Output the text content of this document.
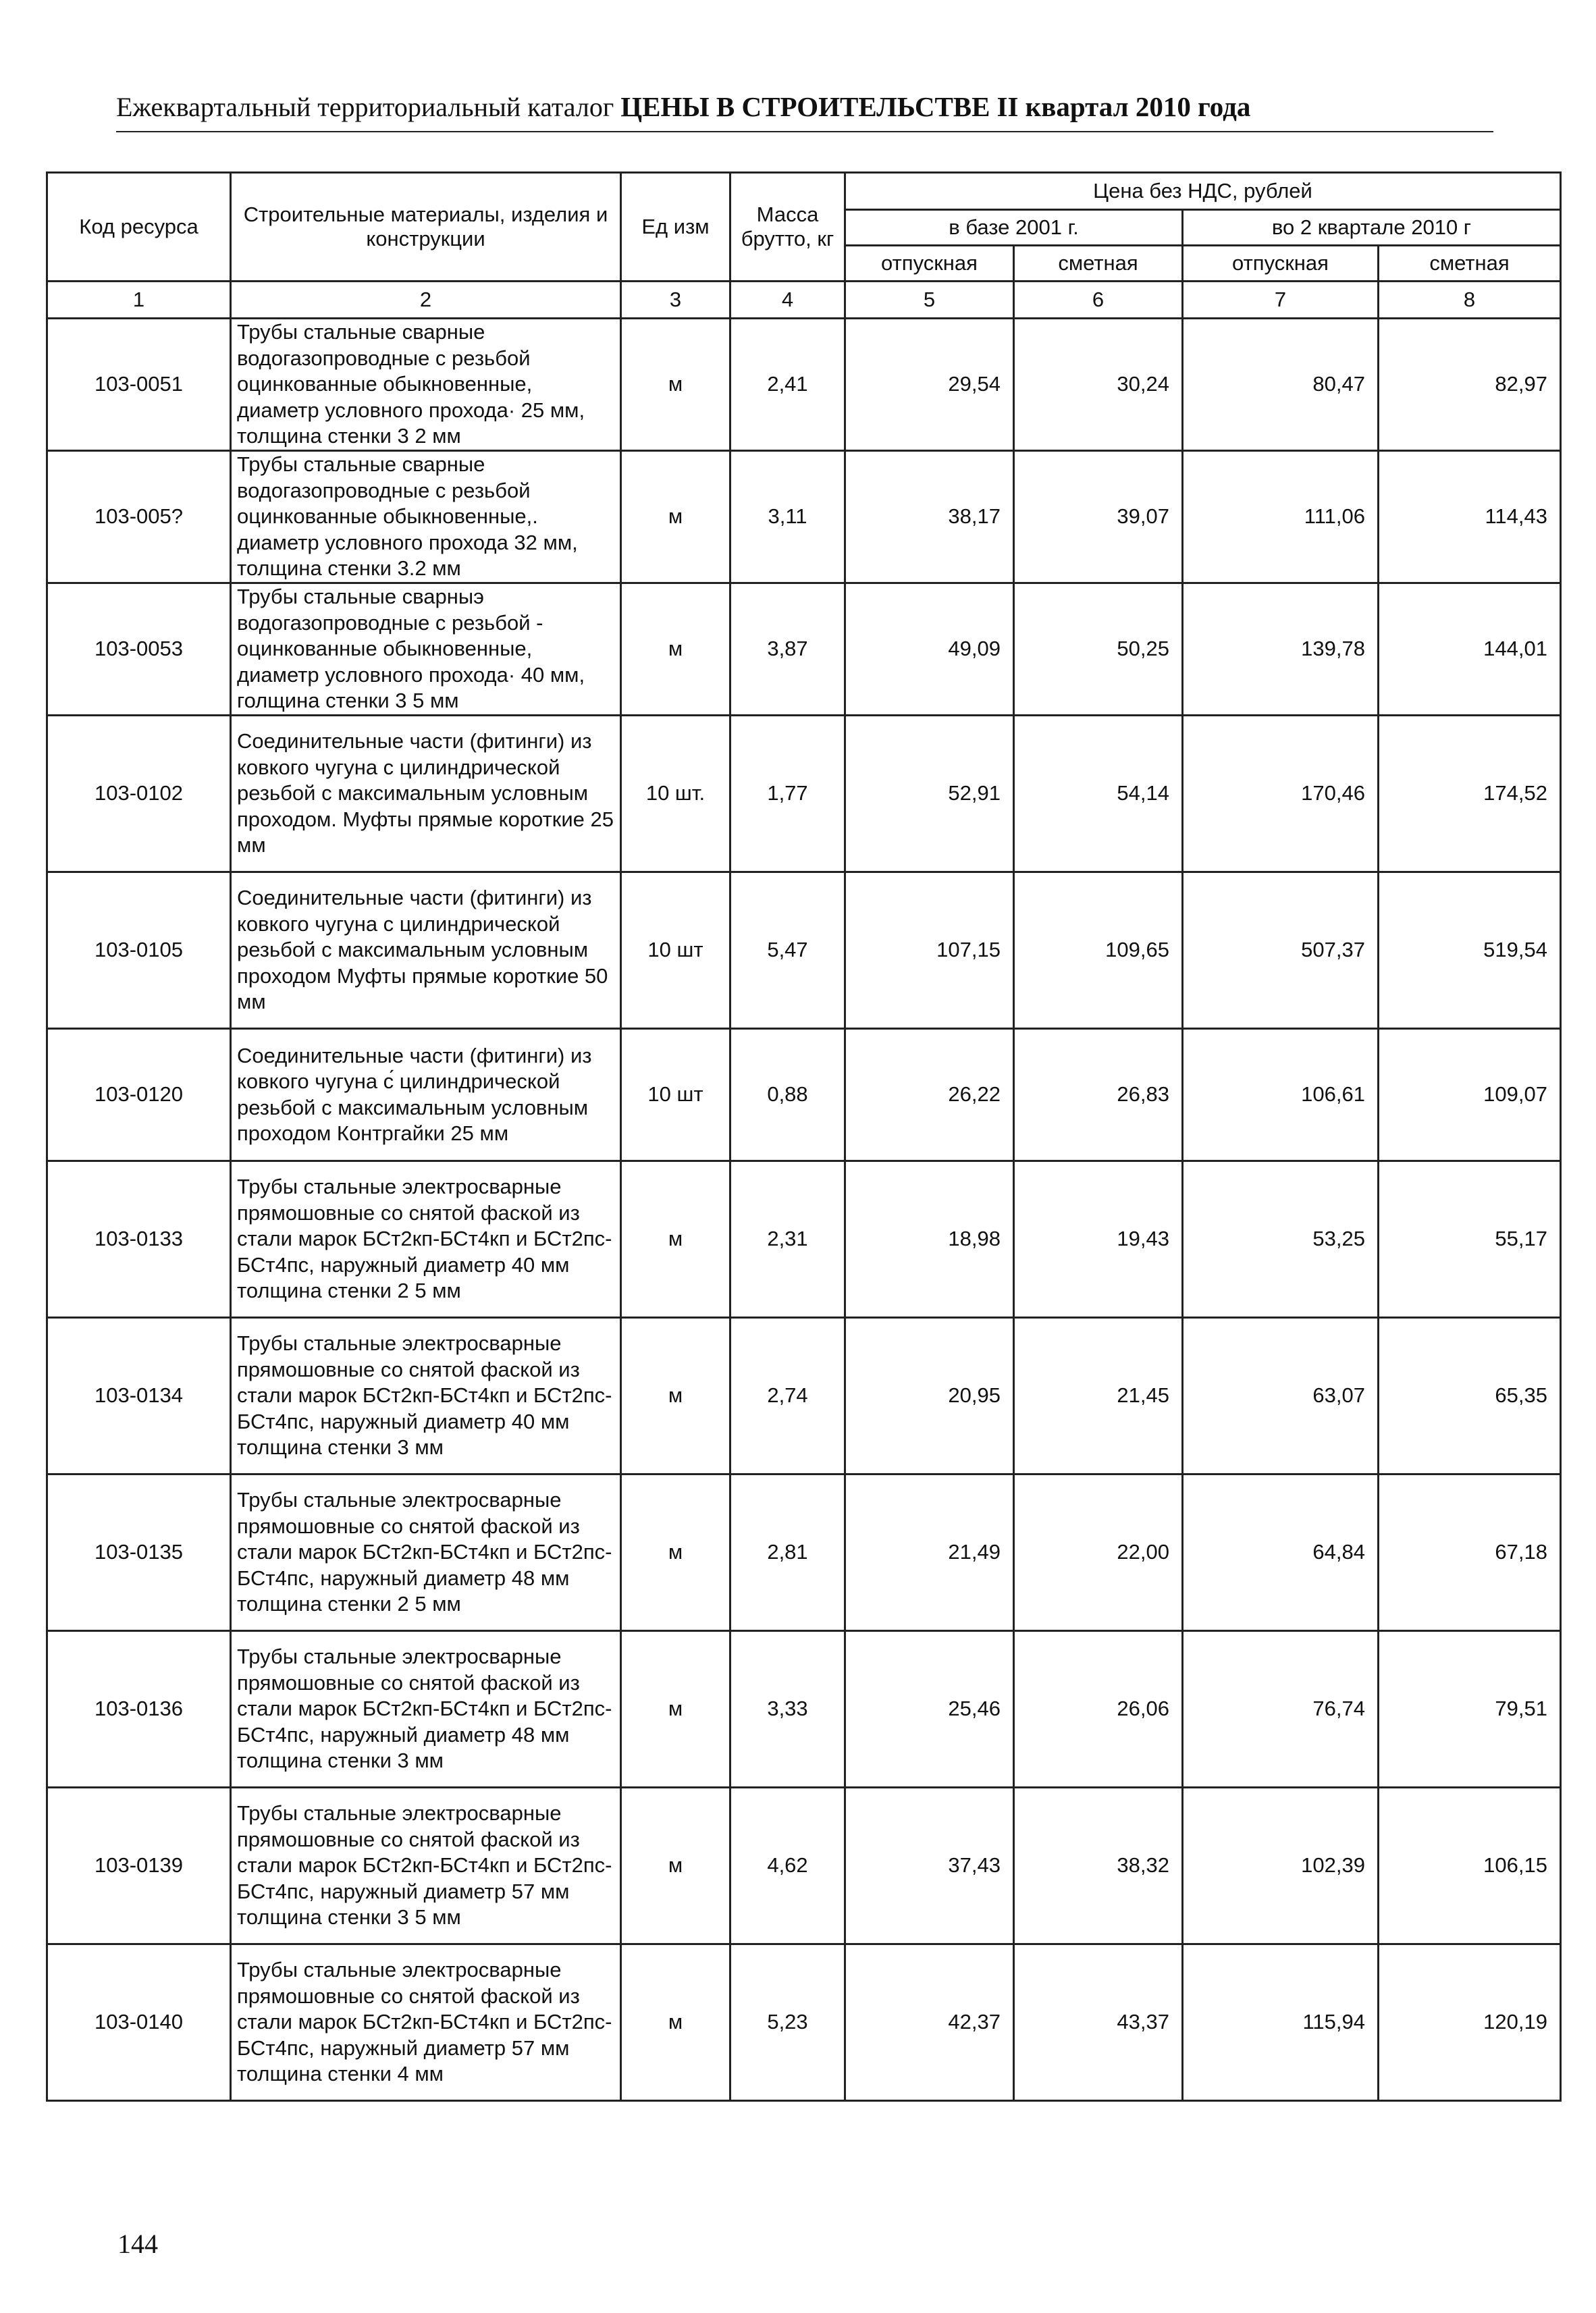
Ежеквартальный территориальный каталог ЦЕНЫ В СТРОИТЕЛЬСТВЕ II квартал 2010 года
Код ресурса	Строительные материалы, изделия и конструкции	Ед изм	Масса брутто, кг	Цена без НДС, рублей			
				в базе 2001 г.		во 2 квартале 2010 г	
				отпускная	сметная	отпускная	сметная
1	2	3	4	5	6	7	8
103-0051	Трубы стальные сварные водогазопроводные с резьбой оцинкованные обыкновенные, диаметр условного прохода· 25 мм, толщина стенки 3 2 мм	м	2,41	29,54	30,24	80,47	82,97
103-005?	Трубы стальные сварные водогазопроводные с резьбой оцинкованные обыкновенные,. диаметр условного прохода 32 мм, толщина стенки 3.2 мм	м	3,11	38,17	39,07	111,06	114,43
103-0053	Трубы стальные сварныэ водогазопроводные с резьбой - оцинкованные обыкновенные, диаметр условного прохода· 40 мм, голщина стенки 3 5 мм	м	3,87	49,09	50,25	139,78	144,01
103-0102	Соединительные части (фитинги) из ковкого чугуна с цилиндрической резьбой с максимальным условным проходом. Муфты прямые короткие 25 мм	10 шт.	1,77	52,91	54,14	170,46	174,52
103-0105	Соединительные части (фитинги) из ковкого чугуна с цилиндрической резьбой с максимальным условным проходом Муфты прямые короткие 50 мм	10 шт	5,47	107,15	109,65	507,37	519,54
103-0120	Соединительные части (фитинги) из ковкого чугуна с́ цилиндрической резьбой с максимальным условным проходом Контргайки 25 мм	10 шт	0,88	26,22	26,83	106,61	109,07
103-0133	Трубы стальные электросварные прямошовные со снятой фаской из стали марок БСт2кп-БСт4кп и БСт2пс-БСт4пс, наружный диаметр 40 мм толщина стенки 2 5 мм	м	2,31	18,98	19,43	53,25	55,17
103-0134	Трубы стальные электросварные прямошовные со снятой фаской из стали марок БСт2кп-БСт4кп и БСт2пс-БСт4пс, наружный диаметр 40 мм толщина стенки 3 мм	м	2,74	20,95	21,45	63,07	65,35
103-0135	Трубы стальные электросварные прямошовные со снятой фаской из стали марок БСт2кп-БСт4кп и БСт2пс-БСт4пс, наружный диаметр 48 мм толщина стенки 2 5 мм	м	2,81	21,49	22,00	64,84	67,18
103-0136	Трубы стальные электросварные прямошовные со снятой фаской из стали марок БСт2кп-БСт4кп и БСт2пс-БСт4пс, наружный диаметр 48 мм толщина стенки 3 мм	м	3,33	25,46	26,06	76,74	79,51
103-0139	Трубы стальные электросварные прямошовные со снятой фаской из стали марок БСт2кп-БСт4кп и БСт2пс-БСт4пс, наружный диаметр 57 мм толщина стенки 3 5 мм	м	4,62	37,43	38,32	102,39	106,15
103-0140	Трубы стальные электросварные прямошовные со снятой фаской из стали марок БСт2кп-БСт4кп и БСт2пс-БСт4пс, наружный диаметр 57 мм толщина стенки 4 мм	м	5,23	42,37	43,37	115,94	120,19
144
